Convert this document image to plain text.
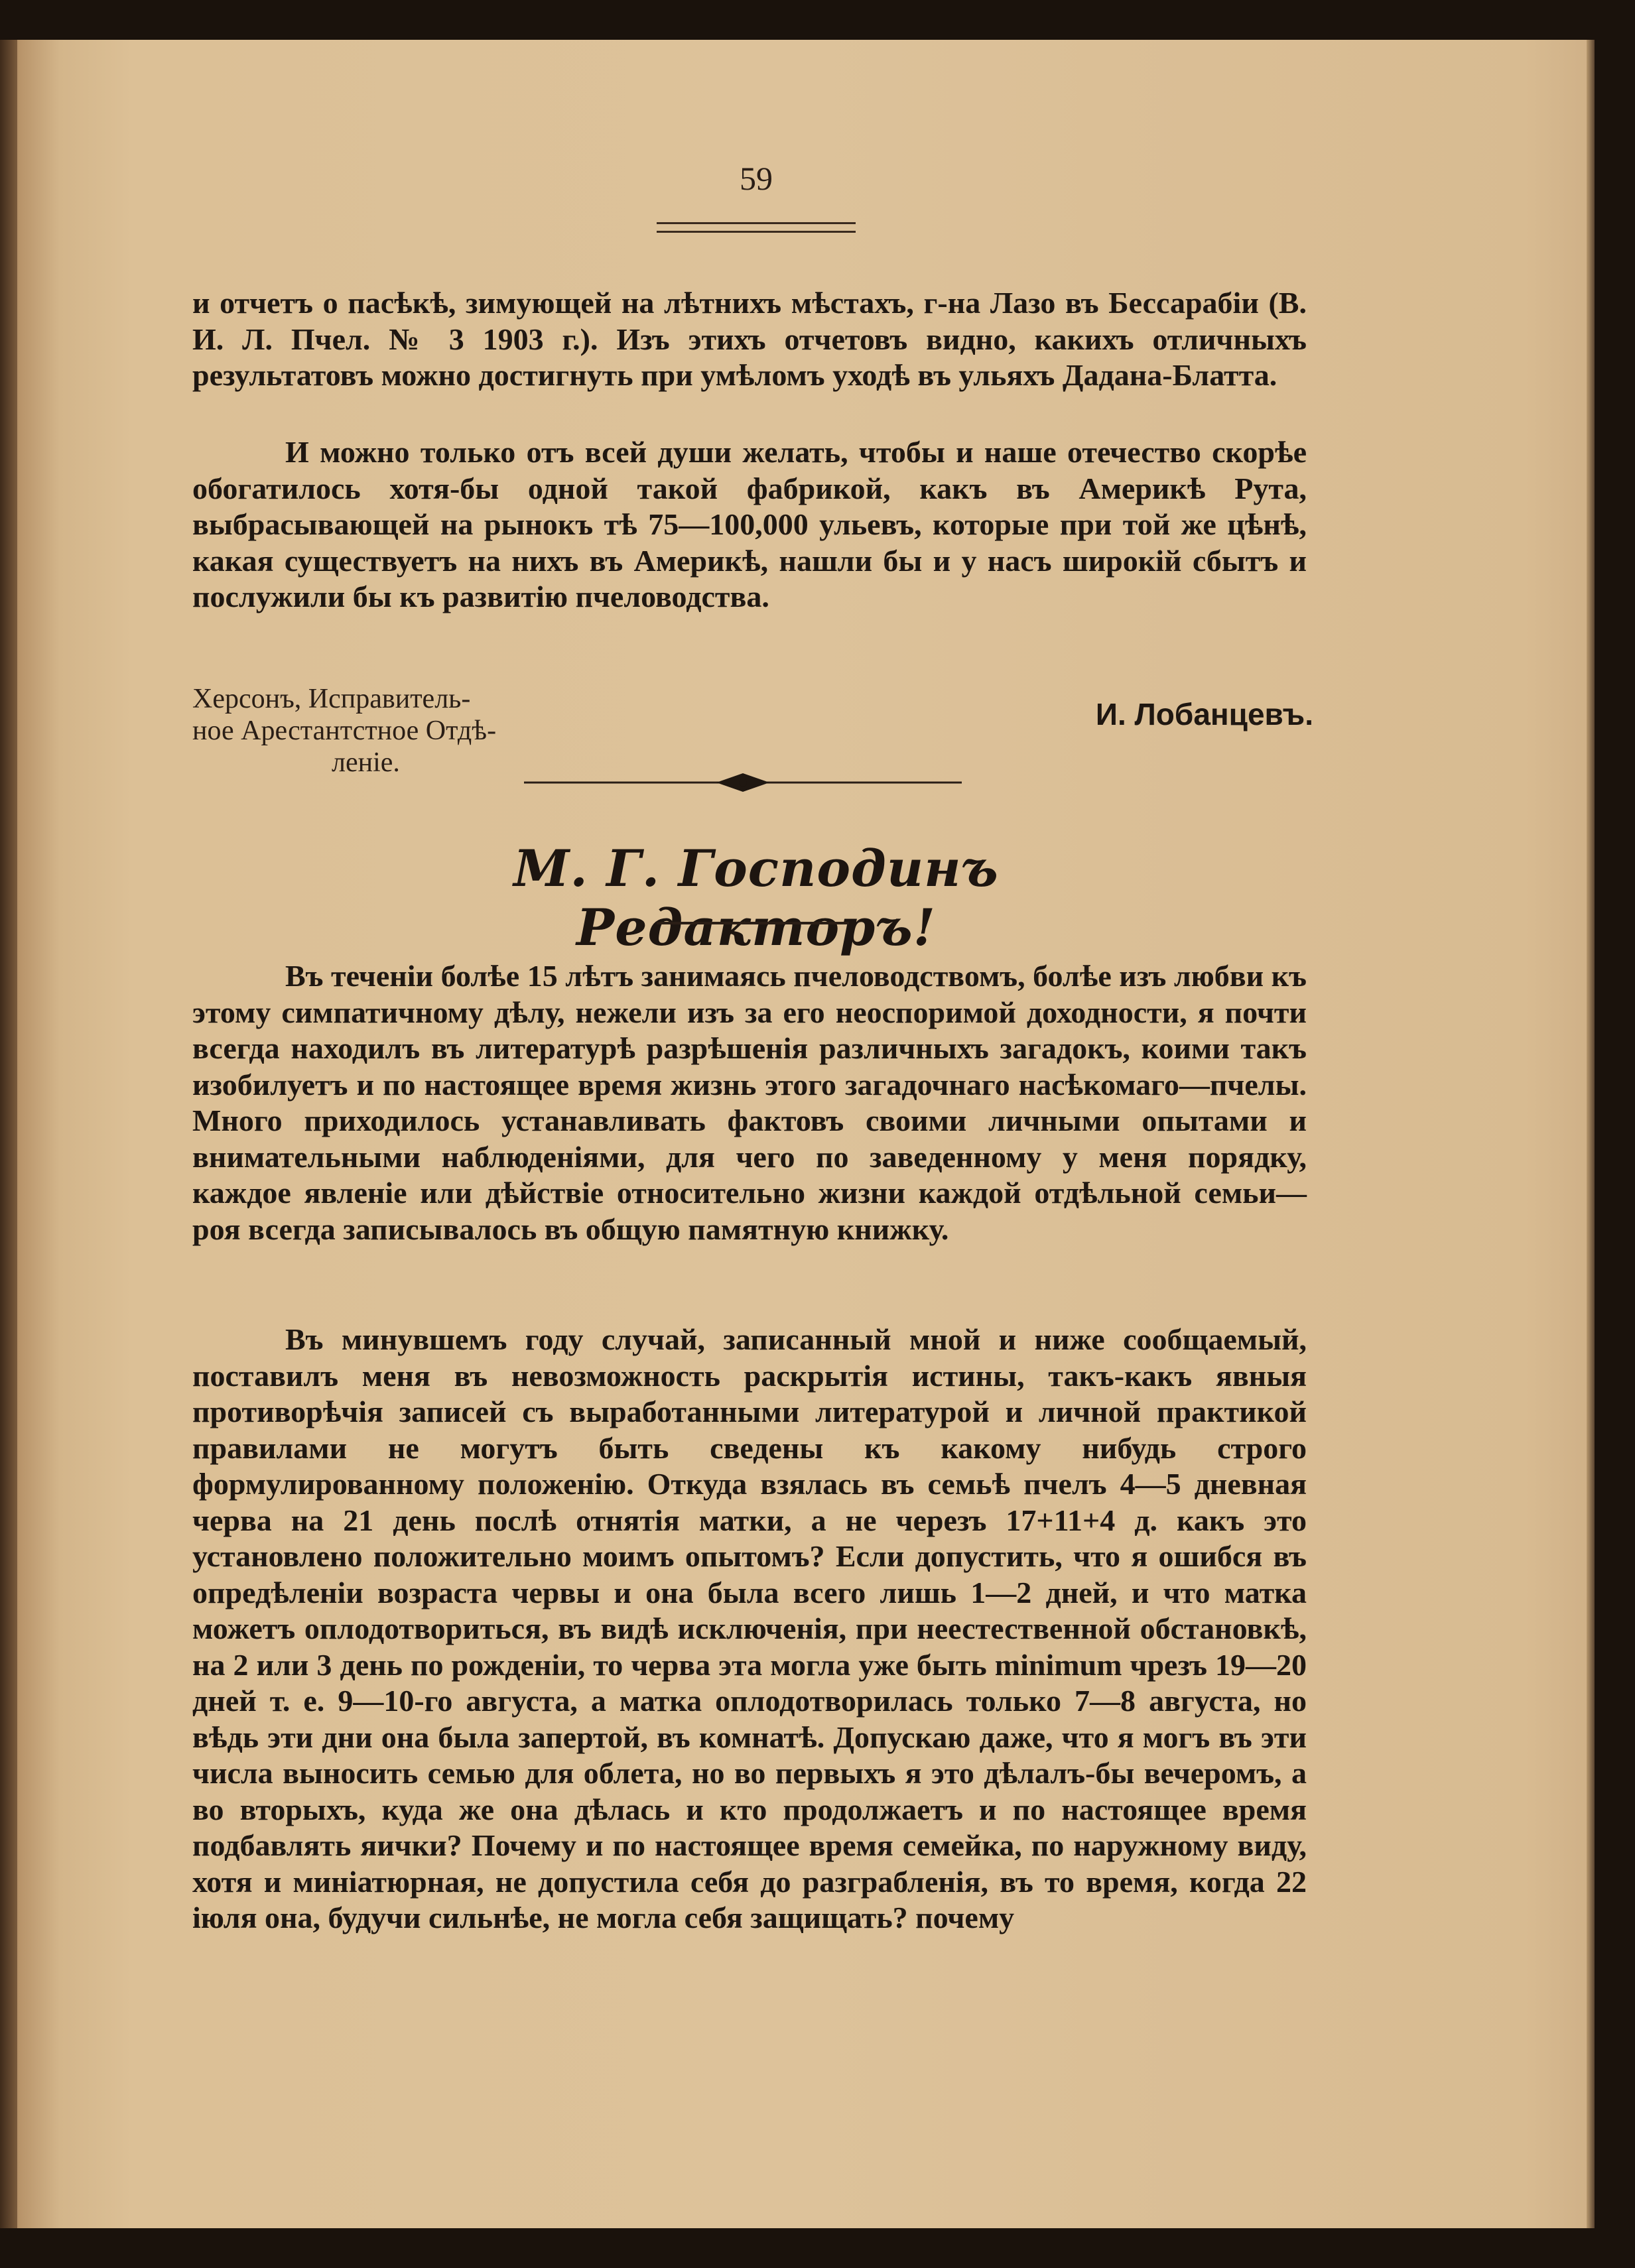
59

и отчетъ о пасѣкѣ, зимующей на лѣтнихъ мѣстахъ, г-на Лазо въ Бессарабіи (В. И. Л. Пчел. № 3 1903 г.). Изъ этихъ отчетовъ видно, какихъ отличныхъ результатовъ можно достигнуть при умѣломъ уходѣ въ ульяхъ Дадана-Блатта.

И можно только отъ всей души желать, чтобы и наше отечество скорѣе обогатилось хотя-бы одной такой фабрикой, какъ въ Америкѣ Рута, выбрасывающей на рынокъ тѣ 75—100,000 ульевъ, которые при той же цѣнѣ, какая существуетъ на нихъ въ Америкѣ, нашли бы и у насъ широкій сбытъ и послужили бы къ развитію пчеловодства.

Херсонъ, Исправитель-
ное Арестантстное Отдѣ-

леніе.
И. Лобанцевъ.
М. Г. Господинъ Редакторъ!

Въ теченіи болѣе 15 лѣтъ занимаясь пчеловодствомъ, болѣе изъ любви къ этому симпатичному дѣлу, нежели изъ за его неоспоримой доходности, я почти всегда находилъ въ литературѣ разрѣшенія различныхъ загадокъ, коими такъ изобилуетъ и по настоящее время жизнь этого загадочнаго насѣкомаго—пчелы. Много приходилось устанавливать фактовъ своими личными опытами и внимательными наблюденіями, для чего по заведенному у меня порядку, каждое явленіе или дѣйствіе относительно жизни каждой отдѣльной семьи—роя всегда записывалось въ общую памятную книжку.

Въ минувшемъ году случай, записанный мной и ниже сообщаемый, поставилъ меня въ невозможность раскрытія истины, такъ-какъ явныя противорѣчія записей съ выработанными литературой и личной практикой правилами не могутъ быть сведены къ какому нибудь строго формулированному положенію. Откуда взялась въ семьѣ пчелъ 4—5 дневная черва на 21 день послѣ отнятія матки, а не черезъ 17+11+4 д. какъ это установлено положительно моимъ опытомъ? Если допустить, что я ошибся въ опредѣленіи возраста червы и она была всего лишь 1—2 дней, и что матка можетъ оплодотвориться, въ видѣ исключенія, при неестественной обстановкѣ, на 2 или 3 день по рожденіи, то черва эта могла уже быть minimum чрезъ 19—20 дней т. е. 9—10-го августа, а матка оплодотворилась только 7—8 августа, но вѣдь эти дни она была запертой, въ комнатѣ. Допускаю даже, что я могъ въ эти числа выносить семью для облета, но во первыхъ я это дѣлалъ-бы вечеромъ, а во вторыхъ, куда же она дѣлась и кто продолжаетъ и по настоящее время подбавлять яички? Почему и по настоящее время семейка, по наружному виду, хотя и миніатюрная, не допустила себя до разграбленія, въ то время, когда 22 іюля она, будучи сильнѣе, не могла себя защищать? почему
